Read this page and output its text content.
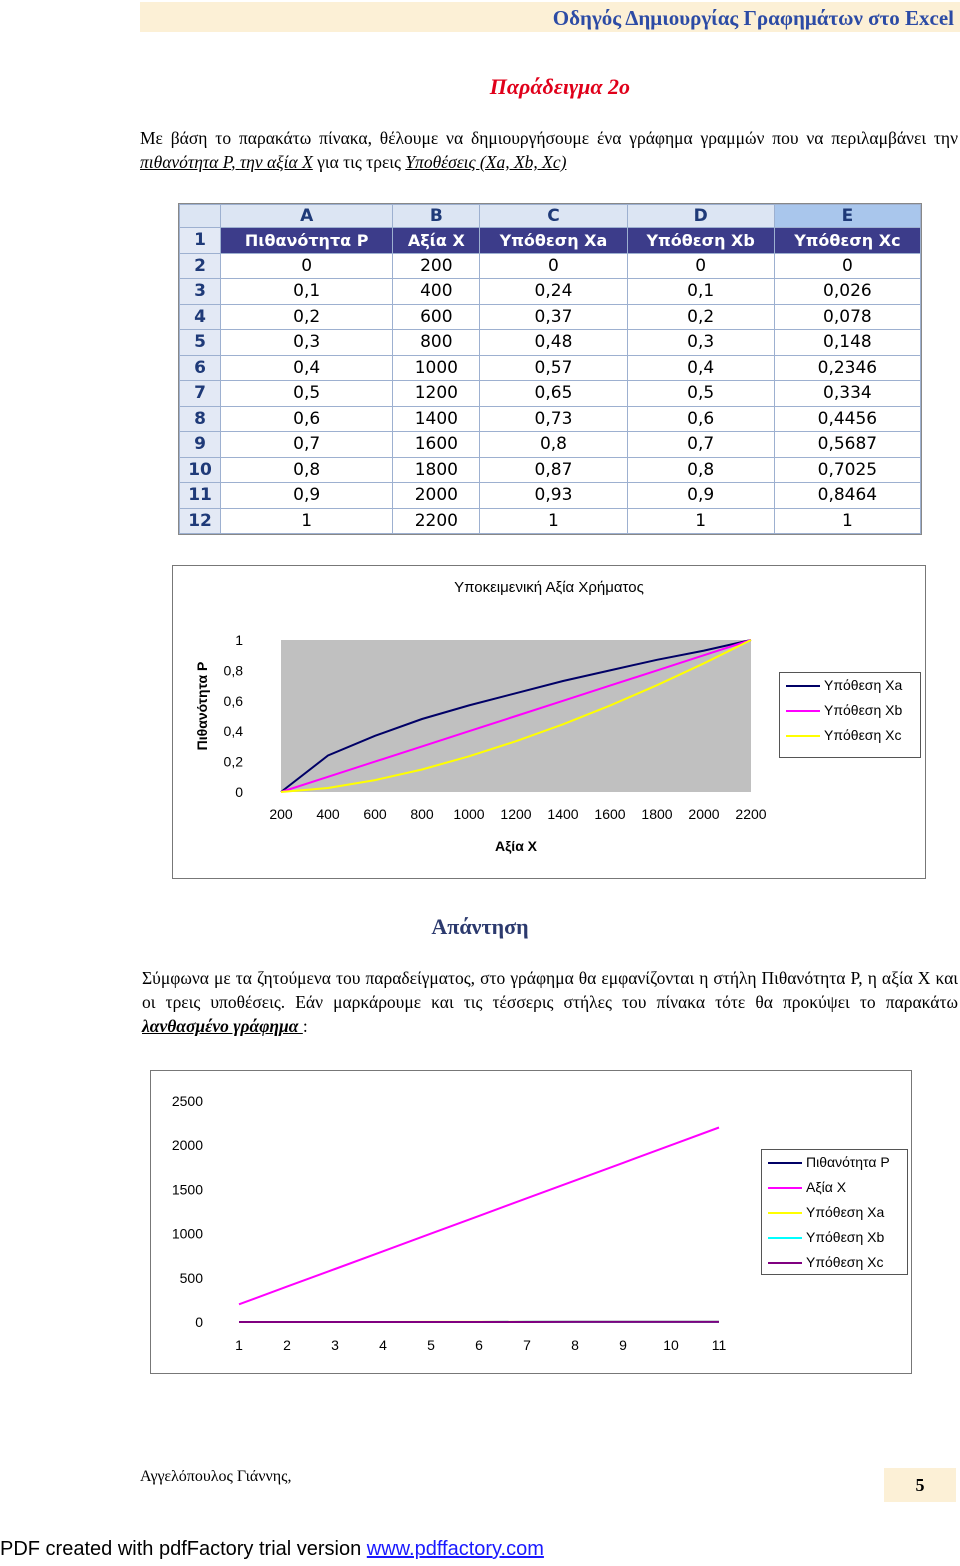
Οδηγός Δημιουργίας Γραφημάτων στο Excel
Παράδειγμα 2ο
Με βάση το παρακάτω πίνακα, θέλουμε να δημιουργήσουμε ένα γράφημα γραμμών που να περιλαμβάνει την πιθανότητα P, την αξία Χ για τις τρεις Υποθέσεις (Xa, Xb, Xc)
	A	B	C	D	E
1	Πιθανότητα P	Αξία X	Υπόθεση Xa	Υπόθεση Xb	Υπόθεση Xc
2	0	200	0	0	0
3	0,1	400	0,24	0,1	0,026
4	0,2	600	0,37	0,2	0,078
5	0,3	800	0,48	0,3	0,148
6	0,4	1000	0,57	0,4	0,2346
7	0,5	1200	0,65	0,5	0,334
8	0,6	1400	0,73	0,6	0,4456
9	0,7	1600	0,8	0,7	0,5687
10	0,8	1800	0,87	0,8	0,7025
11	0,9	2000	0,93	0,9	0,8464
12	1	2200	1	1	1
Υποκειμενική Αξία Χρήματος
0
0,2
0,4
0,6
0,8
1
200 400 600 800 1000 1200 1400 1600 1800 2000 2200
Αξία X
Πιθανότητα P	Υπόθεση Xa
Υπόθεση Xb
Υπόθεση Xc
Απάντηση
Σύμφωνα με τα ζητούμενα του παραδείγματος, στο γράφημα θα εμφανίζονται η στήλη Πιθανότητα P, η αξία X και οι τρεις υποθέσεις. Εάν μαρκάρουμε και τις τέσσερις στήλες του πίνακα τότε θα προκύψει το παρακάτω λανθασμένο γράφημα :
0
500
1000
1500
2000
2500
1	2	3	4	5	6	7	8	9	10 11
Πιθανότητα P
Αξία X
Υπόθεση Xa
Υπόθεση Xb
Υπόθεση Xc
Αγγελόπουλος Γιάννης,	5
PDF created with pdfFactory trial version www.pdffactory.com
